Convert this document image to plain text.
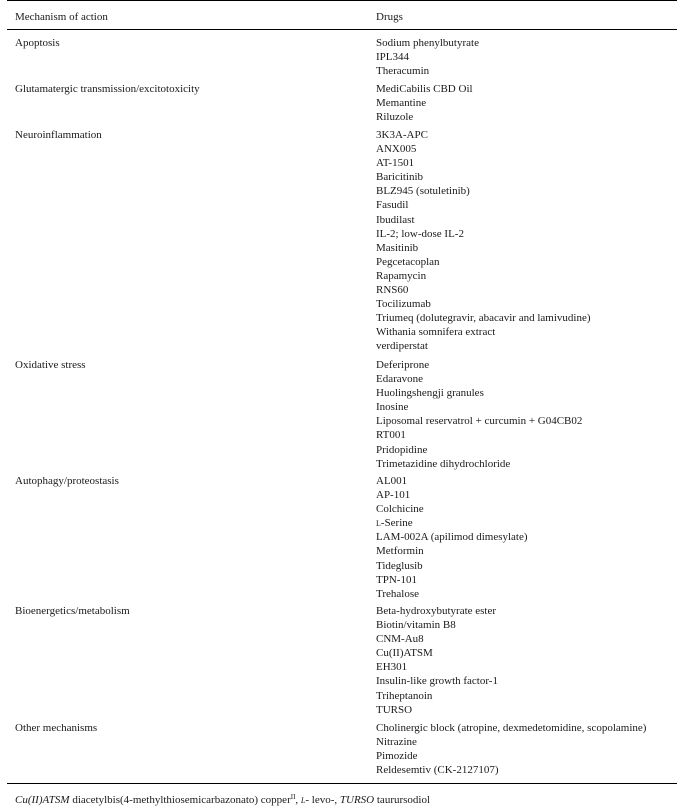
Mechanism of action	Drugs
Apoptosis	Sodium phenylbutyrate
IPL344
Theracumin
Glutamatergic transmission/excitotoxicity	MediCabilis CBD Oil
Memantine
Riluzole
Neuroinflammation	3K3A-APC
ANX005
AT-1501
Baricitinib
BLZ945 (sotuletinib)
Fasudil
Ibudilast
IL-2; low-dose IL-2
Masitinib
Pegcetacoplan
Rapamycin
RNS60
Tocilizumab
Triumeq (dolutegravir, abacavir and lamivudine)
Withania somnifera extract
verdiperstat
Oxidative stress	Deferiprone
Edaravone
Huolingshengji granules
Inosine
Liposomal reservatrol + curcumin + G04CB02
RT001
Pridopidine
Trimetazidine dihydrochloride
Autophagy/proteostasis	AL001
AP-101
Colchicine
l-Serine
LAM-002A (apilimod dimesylate)
Metformin
Tideglusib
TPN-101
Trehalose
Bioenergetics/metabolism	Beta-hydroxybutyrate ester
Biotin/vitamin B8
CNM-Au8
Cu(II)ATSM
EH301
Insulin-like growth factor-1
Triheptanoin
TURSO
Other mechanisms	Cholinergic block (atropine, dexmedetomidine, scopolamine)
Nitrazine
Pimozide
Reldesemtiv (CK-2127107)
Cu(II)ATSM diacetylbis(4-methylthiosemicarbazonato) copper$^{II}$, l- levo-, TURSO taurursodiol
